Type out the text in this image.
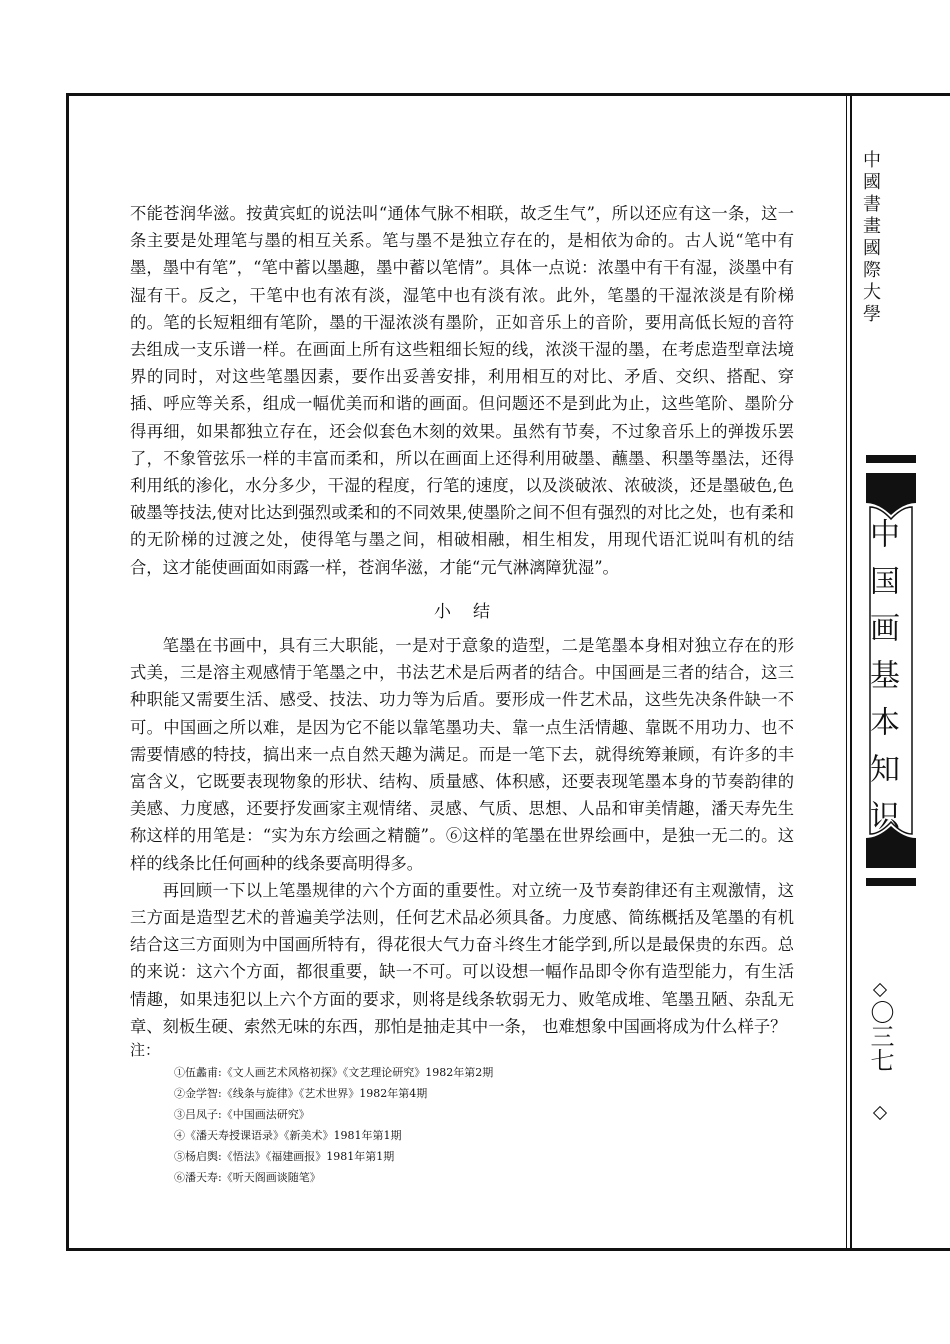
不能苍润华滋。按黄宾虹的说法叫“通体气脉不相联，故乏生气”，所以还应有这一条，这一条主要是处理笔与墨的相互关系。笔与墨不是独立存在的，是相依为命的。古人说“笔中有墨，墨中有笔”，“笔中蓄以墨趣，墨中蓄以笔情”。具体一点说：浓墨中有干有湿，淡墨中有湿有干。反之，干笔中也有浓有淡，湿笔中也有淡有浓。此外，笔墨的干湿浓淡是有阶梯的。笔的长短粗细有笔阶，墨的干湿浓淡有墨阶，正如音乐上的音阶，要用高低长短的音符去组成一支乐谱一样。在画面上所有这些粗细长短的线，浓淡干湿的墨，在考虑造型章法境界的同时，对这些笔墨因素，要作出妥善安排，利用相互的对比、矛盾、交织、搭配、穿插、呼应等关系，组成一幅优美而和谐的画面。但问题还不是到此为止，这些笔阶、墨阶分得再细，如果都独立存在，还会似套色木刻的效果。虽然有节奏，不过象音乐上的弹拨乐罢了，不象管弦乐一样的丰富而柔和，所以在画面上还得利用破墨、蘸墨、积墨等墨法，还得利用纸的渗化，水分多少，干湿的程度，行笔的速度，以及淡破浓、浓破淡，还是墨破色,色破墨等技法,使对比达到强烈或柔和的不同效果,使墨阶之间不但有强烈的对比之处，也有柔和的无阶梯的过渡之处，使得笔与墨之间，相破相融，相生相发，用现代语汇说叫有机的结合，这才能使画面如雨露一样，苍润华滋，才能“元气淋漓障犹湿”。

小结

笔墨在书画中，具有三大职能，一是对于意象的造型，二是笔墨本身相对独立存在的形式美，三是溶主观感情于笔墨之中，书法艺术是后两者的结合。中国画是三者的结合，这三种职能又需要生活、感受、技法、功力等为后盾。要形成一件艺术品，这些先决条件缺一不可。中国画之所以难，是因为它不能以靠笔墨功夫、靠一点生活情趣、靠既不用功力、也不需要情感的特技，搞出来一点自然天趣为满足。而是一笔下去，就得统筹兼顾，有许多的丰富含义，它既要表现物象的形状、结构、质量感、体积感，还要表现笔墨本身的节奏韵律的美感、力度感，还要抒发画家主观情绪、灵感、气质、思想、人品和审美情趣，潘天寿先生称这样的用笔是：“实为东方绘画之精髓”。⑥这样的笔墨在世界绘画中，是独一无二的。这样的线条比任何画种的线条要高明得多。

再回顾一下以上笔墨规律的六个方面的重要性。对立统一及节奏韵律还有主观激情，这三方面是造型艺术的普遍美学法则，任何艺术品必须具备。力度感、简练概括及笔墨的有机结合这三方面则为中国画所特有，得花很大气力奋斗终生才能学到,所以是最保贵的东西。总的来说：这六个方面，都很重要，缺一不可。可以设想一幅作品即令你有造型能力，有生活情趣，如果违犯以上六个方面的要求，则将是线条软弱无力、败笔成堆、笔墨丑陋、杂乱无章、刻板生硬、索然无味的东西，那怕是抽走其中一条， 也难想象中国画将成为什么样子？

注：

①伍蠡甫:《文人画艺术风格初探》《文艺理论研究》1982年第2期
②金学智:《线条与旋律》《艺术世界》1982年第4期
③吕凤子:《中国画法研究》
④《潘天寿授课语录》《新美术》1981年第1期
⑤杨启舆:《悟法》《福建画报》1981年第1期
⑥潘天寿:《听天阁画谈随笔》
中國書畫國際大學
中国画基本知识
〇三七
